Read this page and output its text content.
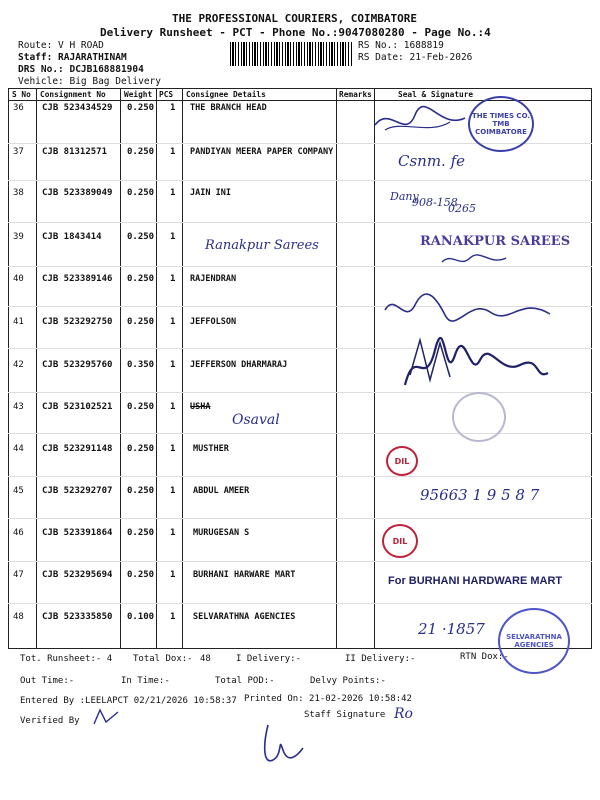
THE PROFESSIONAL COURIERS, COIMBATORE
Delivery Runsheet - PCT - Phone No.:9047080280 - Page No.:4
Route: V H ROAD
Staff: RAJARATHINAM
DRS No.: DCJB168881904
Vehicle: Big Bag Delivery
RS No.: 1688819
RS Date: 21-Feb-2026
S No Consignment No Weight PCS Consignee Details	Remarks	Seal & Signature
36 CJB 523434529 0.250 1 THE BRANCH HEAD
37 CJB 81312571 0.250 1 PANDIYAN MEERA PAPER COMPANY
38 CJB 523389049 0.250 1 JAIN INI
39 CJB 1843414	0.250 1
40 CJB 523389146 0.250 1 RAJENDRAN
41 CJB 523292750 0.250 1 JEFFOLSON
42 CJB 523295760 0.350 1 JEFFERSON DHARMARAJ
43 CJB 523102521 0.250 1 USHA
44 CJB 523291148 0.250 1 MUSTHER
45 CJB 523292707 0.250 1 ABDUL AMEER
46 CJB 523391864 0.250 1 MURUGESAN S
47 CJB 523295694 0.250 1 BURHANI HARWARE MART
48 CJB 523335850 0.100 1 SELVARATHNA AGENCIES
THE TIMES CO. TMB COIMBATORE
Csnm. fe
Dany
908-158
0265
Ranakpur Sarees	RANAKPUR SAREES
Osaval
DIL
95663 1 9 5 8 7
DIL
For BURHANI HARDWARE MART
21 ·1857	SELVARATHNA AGENCIES
Tot. Runsheet:- 4 Total Dox:- 48	I Delivery:-	II Delivery:-	RTN Dox:-
Out Time:-	In Time:-	Total POD:-	Delvy Points:-
Entered By :LEELAPCT 02/21/2026 10:58:37 Printed On: 21-02-2026 10:58:42
Verified By
Staff Signature Ro
